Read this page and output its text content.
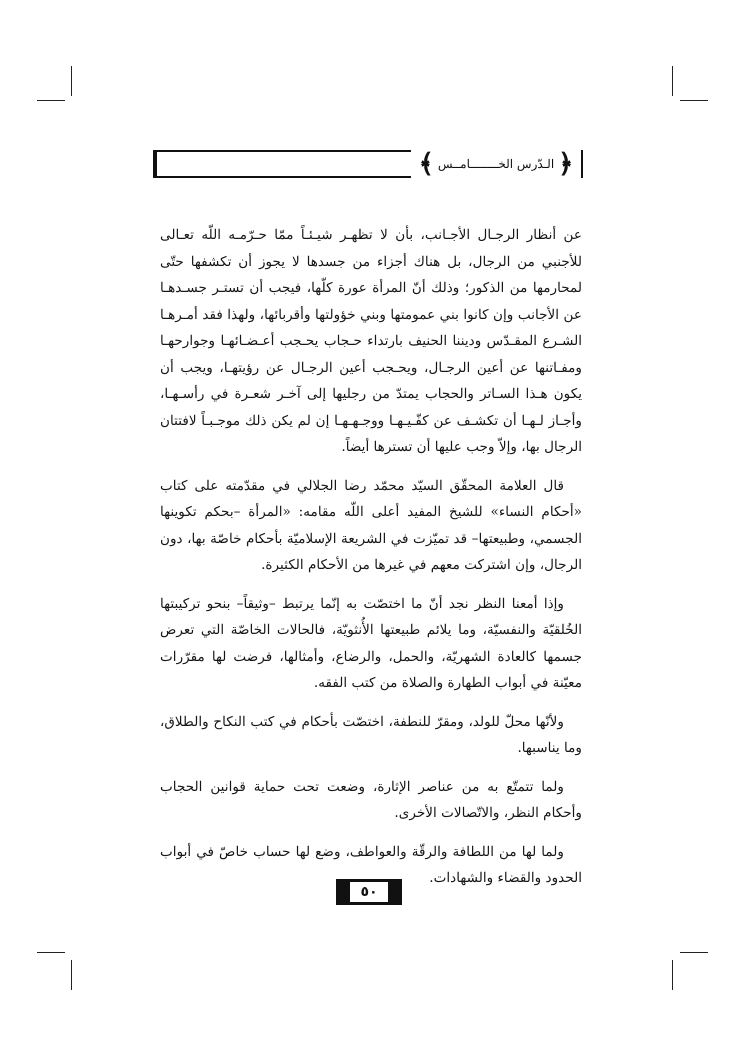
﴿
الـدّرس الخــــــــامــس
﴾

عن أنظار الرجـال الأجـانب، بأن لا تظهـر شيـئـاً ممّا حـرّمـه اللّه تعـالى للأجنبي من الرجال، بل هناك أجزاء من جسدها لا يجوز أن تكشفها حتّى لمحارمها من الذكور؛ وذلك أنّ المرأة عورة كلّها، فيجب أن تستـر جسـدهـا عن الأجانب وإن كانوا بني عمومتها وبني خؤولتها وأقربائها، ولهذا فقد أمـرهـا الشـرع المقـدّس وديننا الحنيف بارتداء حـجاب يحـجب أعـضـائهـا وجوارحهـا ومفـاتنها عن أعين الرجـال، ويحـجب أعين الرجـال عن رؤيتهـا، ويجب أن يكون هـذا السـاتر والحجاب يمتدّ من رجليها إلى آخـر شعـرة في رأسـهـا، وأجـاز لـهـا أن تكشـف عن كفّـيـهـا ووجـهـهـا إن لم يكن ذلك موجـبـاً لافتتان الرجال بها، وإلاّ وجب عليها أن تسترها أيضاً.

قال العلامة المحقّق السيّد محمّد رضا الجلالي في مقدّمته على كتاب «أحكام النساء» للشيخ المفيد أعلى اللّه مقامه: «المرأة –بحكم تكوينها الجسمي، وطبيعتها– قد تميّزت في الشريعة الإسلاميّة بأحكام خاصّة بها، دون الرجال، وإن اشتركت معهم في غيرها من الأحكام الكثيرة.

وإذا أمعنا النظر نجد أنّ ما اختصّت به إنّما يرتبط –وثيقاً– بنحو تركيبتها الخُلقيّة والنفسيّة، وما يلائم طبيعتها الأُنثويّة، فالحالات الخاصّة التي تعرض جسمها كالعادة الشهريّة، والحمل، والرضاع، وأمثالها، فرضت لها مقرّرات معيّنة في أبواب الطهارة والصلاة من كتب الفقه.

ولأنّها محلّ للولد، ومقرّ للنطفة، اختصّت بأحكام في كتب النكاح والطلاق، وما يناسبها.

ولما تتمتّع به من عناصر الإثارة، وضعت تحت حماية قوانين الحجاب وأحكام النظر، والاتّصالات الأخرى.

ولما لها من اللطافة والرقّة والعواطف، وضع لها حساب خاصّ في أبواب الحدود والقضاء والشهادات.

٥٠
